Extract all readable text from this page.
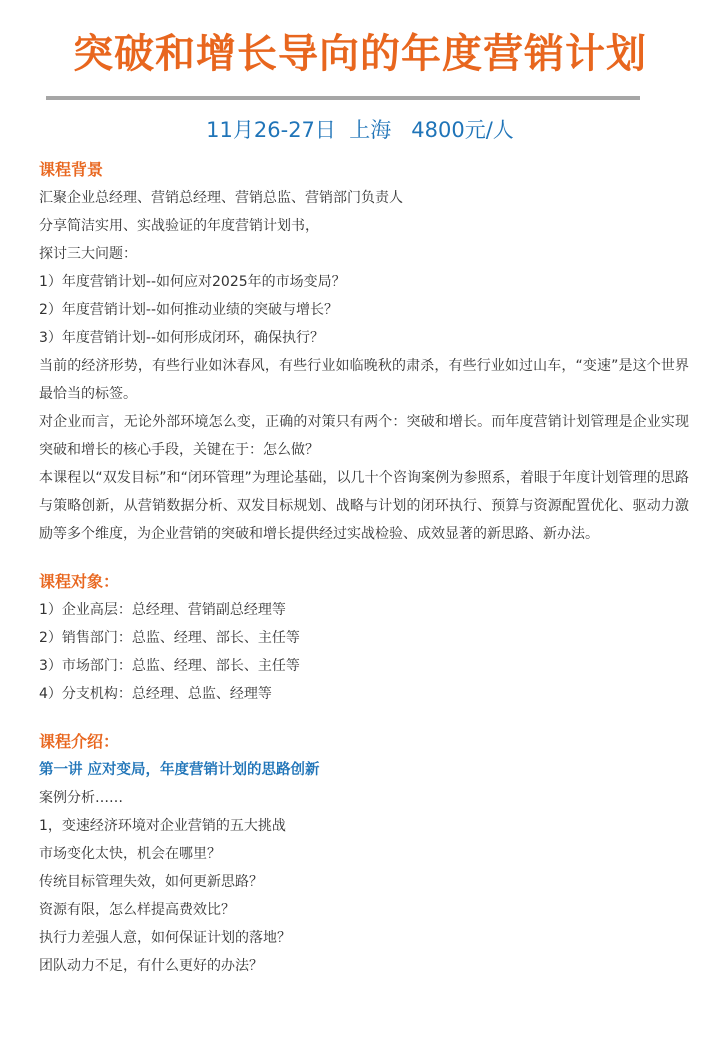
突破和增长导向的年度营销计划
11月26-27日  上海   4800元/人
课程背景
汇聚企业总经理、营销总经理、营销总监、营销部门负责人
分享简洁实用、实战验证的年度营销计划书，
探讨三大问题：
1）年度营销计划--如何应对2025年的市场变局？
2）年度营销计划--如何推动业绩的突破与增长？
3）年度营销计划--如何形成闭环，确保执行？
当前的经济形势，有些行业如沐春风，有些行业如临晚秋的肃杀，有些行业如过山车，“变速”是这个世界最恰当的标签。
对企业而言，无论外部环境怎么变，正确的对策只有两个：突破和增长。而年度营销计划管理是企业实现突破和增长的核心手段，关键在于：怎么做？
本课程以“双发目标”和“闭环管理”为理论基础，以几十个咨询案例为参照系，着眼于年度计划管理的思路与策略创新，从营销数据分析、双发目标规划、战略与计划的闭环执行、预算与资源配置优化、驱动力激励等多个维度，为企业营销的突破和增长提供经过实战检验、成效显著的新思路、新办法。
课程对象：
1）企业高层：总经理、营销副总经理等
2）销售部门：总监、经理、部长、主任等
3）市场部门：总监、经理、部长、主任等
4）分支机构：总经理、总监、经理等
课程介绍：
第一讲 应对变局，年度营销计划的思路创新
案例分析……
1，变速经济环境对企业营销的五大挑战
市场变化太快，机会在哪里？
传统目标管理失效，如何更新思路？
资源有限，怎么样提高费效比？
执行力差强人意，如何保证计划的落地？
团队动力不足，有什么更好的办法？
